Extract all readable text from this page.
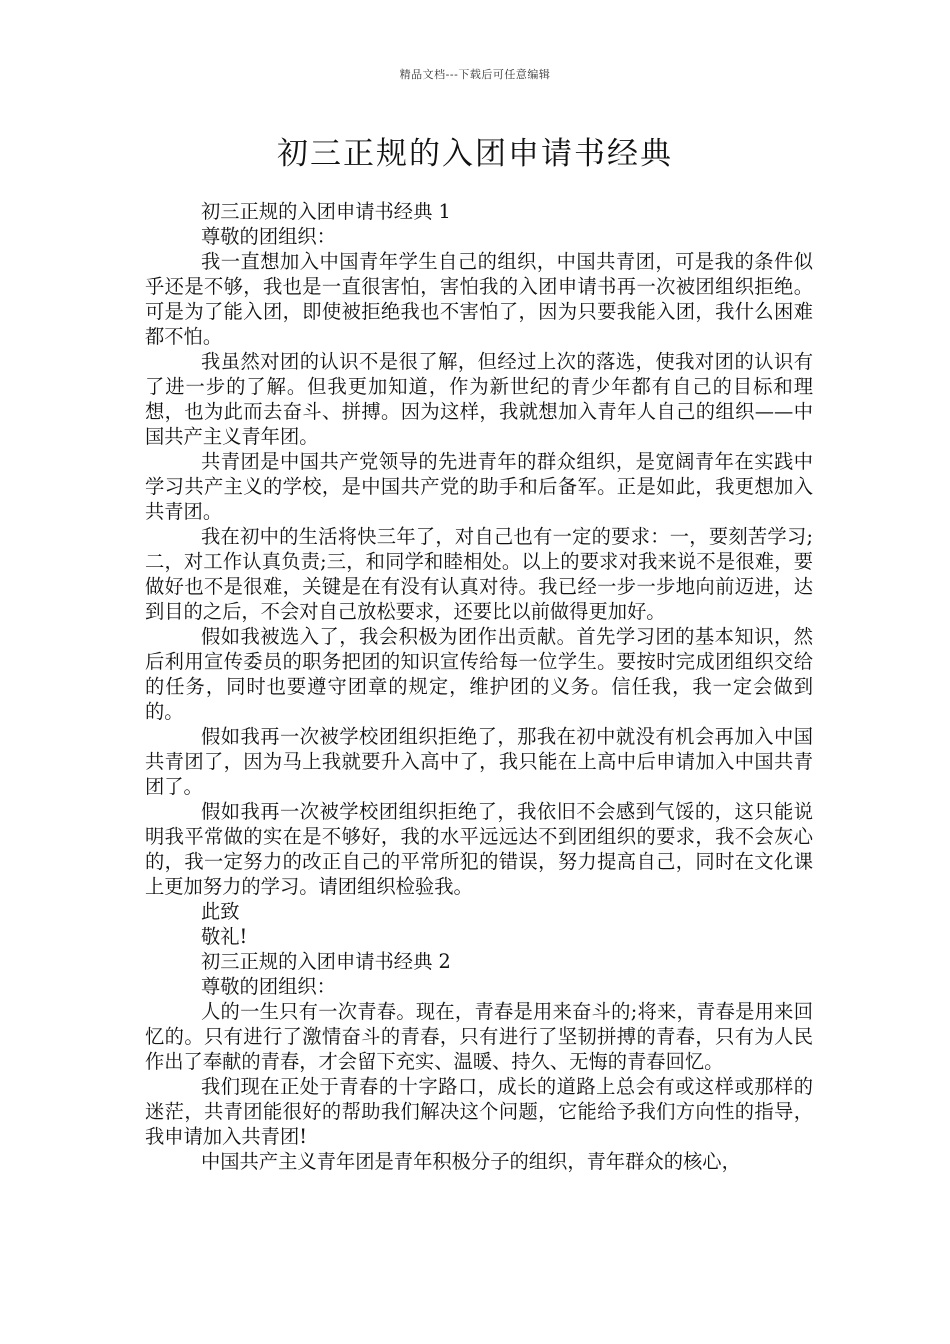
精品文档---下载后可任意编辑
初三正规的入团申请书经典

初三正规的入团申请书经典 1

尊敬的团组织：

我一直想加入中国青年学生自己的组织，中国共青团，可是我的条件似乎还是不够，我也是一直很害怕，害怕我的入团申请书再一次被团组织拒绝。可是为了能入团，即使被拒绝我也不害怕了，因为只要我能入团，我什么困难都不怕。

我虽然对团的认识不是很了解，但经过上次的落选，使我对团的认识有了进一步的了解。但我更加知道，作为新世纪的青少年都有自己的目标和理想，也为此而去奋斗、拼搏。因为这样，我就想加入青年人自己的组织——中国共产主义青年团。

共青团是中国共产党领导的先进青年的群众组织，是宽阔青年在实践中学习共产主义的学校，是中国共产党的助手和后备军。正是如此，我更想加入共青团。

我在初中的生活将快三年了，对自己也有一定的要求：一，要刻苦学习;二，对工作认真负责;三，和同学和睦相处。以上的要求对我来说不是很难，要做好也不是很难，关键是在有没有认真对待。我已经一步一步地向前迈进，达到目的之后，不会对自己放松要求，还要比以前做得更加好。

假如我被选入了，我会积极为团作出贡献。首先学习团的基本知识，然后利用宣传委员的职务把团的知识宣传给每一位学生。要按时完成团组织交给的任务，同时也要遵守团章的规定，维护团的义务。信任我，我一定会做到的。

假如我再一次被学校团组织拒绝了，那我在初中就没有机会再加入中国共青团了，因为马上我就要升入高中了，我只能在上高中后申请加入中国共青团了。

假如我再一次被学校团组织拒绝了，我依旧不会感到气馁的，这只能说明我平常做的实在是不够好，我的水平远远达不到团组织的要求，我不会灰心的，我一定努力的改正自己的平常所犯的错误，努力提高自己，同时在文化课上更加努力的学习。请团组织检验我。

此致

敬礼!

初三正规的入团申请书经典 2

尊敬的团组织：

人的一生只有一次青春。现在，青春是用来奋斗的;将来，青春是用来回忆的。只有进行了激情奋斗的青春，只有进行了坚韧拼搏的青春，只有为人民作出了奉献的青春，才会留下充实、温暖、持久、无悔的青春回忆。

我们现在正处于青春的十字路口，成长的道路上总会有或这样或那样的迷茫，共青团能很好的帮助我们解决这个问题，它能给予我们方向性的指导，我申请加入共青团!

中国共产主义青年团是青年积极分子的组织，青年群众的核心，
